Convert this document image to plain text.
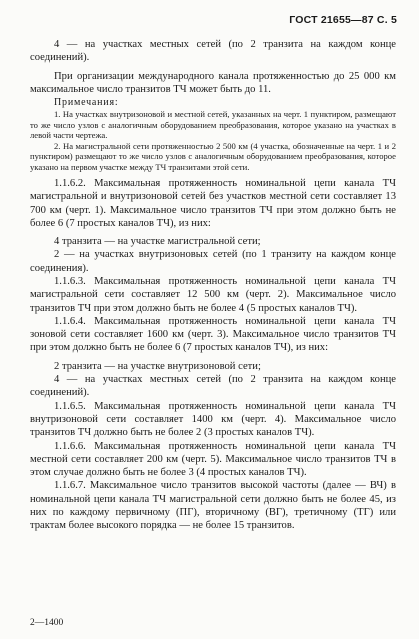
ГОСТ 21655—87 С. 5

4 — на участках местных сетей (по 2 транзита на каждом конце соединений).

При организации международного канала протяженностью до 25 000 км максимальное число транзитов ТЧ может быть до 11.

Примечания:

1. На участках внутризоновой и местной сетей, указанных на черт. 1 пунктиром, размещают то же число узлов с аналогичным оборудованием преобразования, которое указано на участках в левой части чертежа.

2. На магистральной сети протяженностью 2 500 км (4 участка, обозначенные на черт. 1 и 2 пунктиром) размещают то же число узлов с аналогичным оборудованием преобразования, которое указано на первом участке между ТЧ транзитами этой сети.

1.1.6.2. Максимальная протяженность номинальной цепи канала ТЧ магистральной и внутризоновой сетей без участков местной сети составляет 13 700 км (черт. 1). Максимальное число транзитов ТЧ при этом должно быть не более 6 (7 простых каналов ТЧ), из них:

4 транзита — на участке магистральной сети;

2 — на участках внутризоновых сетей (по 1 транзиту на каждом конце соединения).

1.1.6.3. Максимальная протяженность номинальной цепи канала ТЧ магистральной сети составляет 12 500 км (черт. 2). Максимальное число транзитов ТЧ при этом должно быть не более 4 (5 простых каналов ТЧ).

1.1.6.4. Максимальная протяженность номинальной цепи канала ТЧ зоновой сети составляет 1600 км (черт. 3). Максимальное число транзитов ТЧ при этом должно быть не более 6 (7 простых каналов ТЧ), из них:

2 транзита — на участке внутризоновой сети;

4 — на участках местных сетей (по 2 транзита на каждом конце соединений).

1.1.6.5. Максимальная протяженность номинальной цепи канала ТЧ внутризоновой сети составляет 1400 км (черт. 4). Максимальное число транзитов ТЧ должно быть не более 2 (3 простых каналов ТЧ).

1.1.6.6. Максимальная протяженность номинальной цепи канала ТЧ местной сети составляет 200 км (черт. 5). Максимальное число транзитов ТЧ в этом случае должно быть не более 3 (4 простых каналов ТЧ).

1.1.6.7. Максимальное число транзитов высокой частоты (далее — ВЧ) в номинальной цепи канала ТЧ магистральной сети должно быть не более 45, из них по каждому первичному (ПГ), вторичному (ВГ), третичному (ТГ) или трактам более высокого порядка — не более 15 транзитов.

2—1400
